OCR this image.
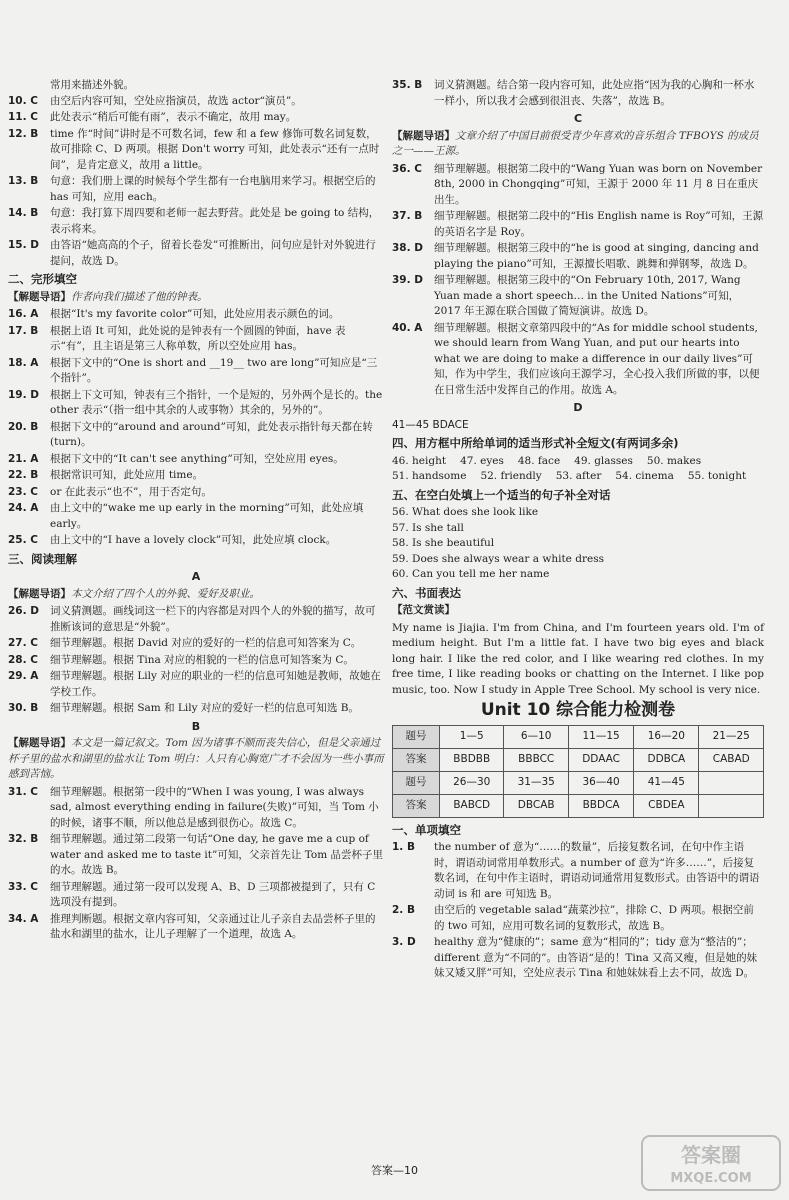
常用来描述外貌。
10. C	由空后内容可知，空处应指演员，故选 actor“演员”。
11. C	此处表示“稍后可能有雨”，表示不确定，故用 may。
12. B	time 作“时间”讲时是不可数名词，few 和 a few 修饰可数名词复数，故可排除 C、D 两项。根据 Don't worry 可知，此处表示“还有一点时间”，是肯定意义，故用 a little。
13. B	句意：我们册上课的时候每个学生都有一台电脑用来学习。根据空后的 has 可知，应用 each。
14. B	句意：我打算下周四要和老师一起去野营。此处是 be going to 结构，表示将来。
15. D	由答语“她高高的个子，留着长卷发”可推断出，问句应是针对外貌进行提问，故选 D。
二、完形填空
【解题导语】作者向我们描述了他的钟表。
16. A	根据“It's my favorite color”可知，此处应用表示颜色的词。
17. B	根据上语 It 可知，此处说的是钟表有一个圆圆的钟面，have 表示“有”，且主语是第三人称单数，所以空处应用 has。
18. A	根据下文中的“One is short and __19__ two are long”可知应是“三个指针”。
19. D	根据上下文可知，钟表有三个指针，一个是短的，另外两个是长的。the other 表示“（指一组中其余的人或事物）其余的，另外的”。
20. B	根据下文中的“around and around”可知，此处表示指针每天都在转(turn)。
21. A	根据下文中的“It can't see anything”可知，空处应用 eyes。
22. B	根据常识可知，此处应用 time。
23. C	or 在此表示“也不”，用于否定句。
24. A	由上文中的“wake me up early in the morning”可知，此处应填 early。
25. C	由上文中的“I have a lovely clock”可知，此处应填 clock。
三、阅读理解
A
【解题导语】本文介绍了四个人的外貌、爱好及职业。
26. D	词义猜测题。画线词这一栏下的内容都是对四个人的外貌的描写，故可推断该词的意思是“外貌”。
27. C	细节理解题。根据 David 对应的爱好的一栏的信息可知答案为 C。
28. C	细节理解题。根据 Tina 对应的相貌的一栏的信息可知答案为 C。
29. A	细节理解题。根据 Lily 对应的职业的一栏的信息可知她是教师，故她在学校工作。
30. B	细节理解题。根据 Sam 和 Lily 对应的爱好一栏的信息可知选 B。
B
【解题导语】本文是一篇记叙文。Tom 因为诸事不顺而丧失信心，但是父亲通过杯子里的盐水和湖里的盐水让 Tom 明白：人只有心胸宽广才不会因为一些小事而感到苦恼。
31. C	细节理解题。根据第一段中的“When I was young, I was always sad, almost everything ending in failure(失败)”可知，当 Tom 小的时候，诸事不顺，所以他总是感到很伤心。故选 C。
32. B	细节理解题。通过第二段第一句话“One day, he gave me a cup of water and asked me to taste it”可知，父亲首先让 Tom 品尝杯子里的水。故选 B。
33. C	细节理解题。通过第一段可以发现 A、B、D 三项都被提到了，只有 C 选项没有提到。
34. A	推理判断题。根据文章内容可知，父亲通过让儿子亲自去品尝杯子里的盐水和湖里的盐水，让儿子理解了一个道理，故选 A。
35. B	词义猜测题。结合第一段内容可知，此处应指“因为我的心胸和一杯水一样小，所以我才会感到很沮丧、失落”，故选 B。
C
【解题导语】文章介绍了中国目前很受青少年喜欢的音乐组合 TFBOYS 的成员之一——王源。
36. C	细节理解题。根据第二段中的“Wang Yuan was born on November 8th, 2000 in Chongqing”可知，王源于 2000 年 11 月 8 日在重庆出生。
37. B	细节理解题。根据第二段中的“His English name is Roy”可知，王源的英语名字是 Roy。
38. D	细节理解题。根据第三段中的“he is good at singing, dancing and playing the piano”可知，王源擅长唱歌、跳舞和弹钢琴，故选 D。
39. D	细节理解题。根据第三段中的“On February 10th, 2017, Wang Yuan made a short speech… in the United Nations”可知，2017 年王源在联合国做了简短演讲。故选 D。
40. A	细节理解题。根据文章第四段中的“As for middle school students, we should learn from Wang Yuan, and put our hearts into what we are doing to make a difference in our daily lives”可知，作为中学生，我们应该向王源学习，全心投入我们所做的事，以便在日常生活中发挥自己的作用。故选 A。
D
41—45 BDACE
四、用方框中所给单词的适当形式补全短文(有两词多余)
46. height 47. eyes 48. face 49. glasses 50. makes
51. handsome 52. friendly 53. after 54. cinema 55. tonight
五、在空白处填上一个适当的句子补全对话
56. What does she look like
57. Is she tall
58. Is she beautiful
59. Does she always wear a white dress
60. Can you tell me her name
六、书面表达
【范文赏读】
My name is Jiajia. I'm from China, and I'm fourteen years old. I'm of medium height. But I'm a little fat. I have two big eyes and black long hair. I like the red color, and I like wearing red clothes. In my free time, I like reading books or chatting on the Internet. I like pop music, too. Now I study in Apple Tree School. My school is very nice.
Unit 10 综合能力检测卷
题号	1—5	6—10	11—15	16—20	21—25
答案	BBDBB	BBBCC	DDAAC	DDBCA	CABAD
题号	26—30	31—35	36—40	41—45	
答案	BABCD	DBCAB	BBDCA	CBDEA	
一、单项填空
1. B	the number of 意为“……的数量”，后接复数名词，在句中作主语时，谓语动词常用单数形式。a number of 意为“许多……”，后接复数名词，在句中作主语时，谓语动词通常用复数形式。由答语中的谓语动词 is 和 are 可知选 B。
2. B	由空后的 vegetable salad“蔬菜沙拉”，排除 C、D 两项。根据空前的 two 可知，应用可数名词的复数形式，故选 B。
3. D	healthy 意为“健康的”；same 意为“相同的”；tidy 意为“整洁的”；different 意为“不同的”。由答语“是的！Tina 又高又瘦，但是她的妹妹又矮又胖”可知，空处应表示 Tina 和她妹妹看上去不同，故选 D。
答案—10
答案圈
MXQE.COM
